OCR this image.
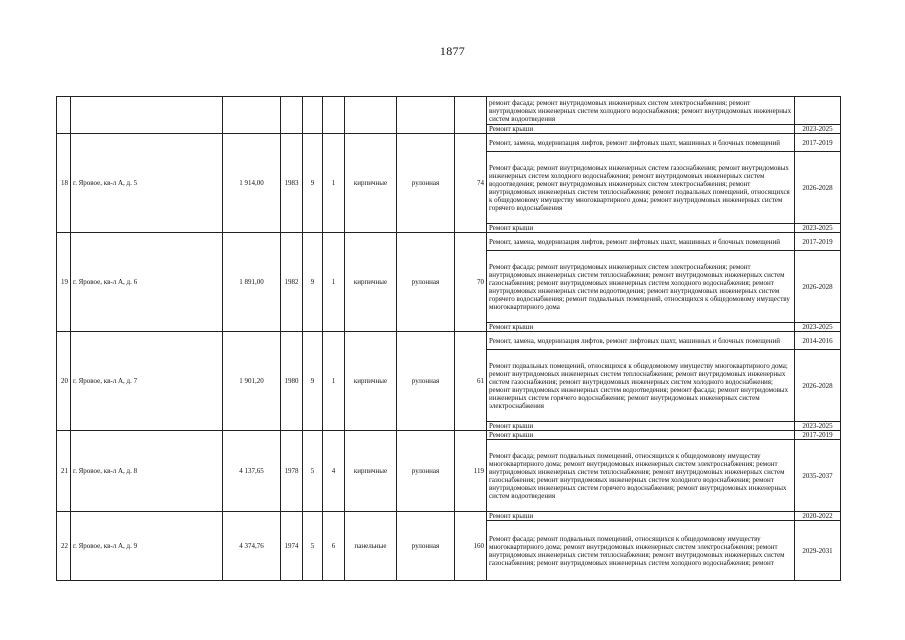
1877
									ремонт фасада; ремонт внутридомовых инженерных систем электроснабжения; ремонт внутридомовых инженерных систем холодного водоснабжения; ремонт внутридомовых инженерных систем водоотведения	
									Ремонт крыши	2023-2025
18	г. Яровое, кв-л А, д. 5	1 914,00	1983	9	1	кирпичные	рулонная	74	Ремонт, замена, модернизация лифтов, ремонт лифтовых шахт, машинных и блочных помещений	2017-2019
									Ремонт фасада; ремонт внутридомовых инженерных систем газоснабжения; ремонт внутридомовых инженерных систем холодного водоснабжения; ремонт внутридомовых инженерных систем водоотведения; ремонт внутридомовых инженерных систем электроснабжения; ремонт внутридомовых инженерных систем теплоснабжения; ремонт подвальных помещений, относящихся к общедомовому имуществу многоквартирного дома; ремонт внутридомовых инженерных систем горячего водоснабжения	2026-2028
									Ремонт крыши	2023-2025
19	г. Яровое, кв-л А, д. 6	1 891,00	1982	9	1	кирпичные	рулонная	70	Ремонт, замена, модернизация лифтов, ремонт лифтовых шахт, машинных и блочных помещений	2017-2019
									Ремонт фасада; ремонт внутридомовых инженерных систем электроснабжения; ремонт внутридомовых инженерных систем теплоснабжения; ремонт внутридомовых инженерных систем газоснабжения; ремонт внутридомовых инженерных систем холодного водоснабжения; ремонт внутридомовых инженерных систем водоотведения; ремонт внутридомовых инженерных систем горячего водоснабжения; ремонт подвальных помещений, относящихся к общедомовому имуществу многоквартирного дома	2026-2028
									Ремонт крыши	2023-2025
20	г. Яровое, кв-л А, д. 7	1 901,20	1980	9	1	кирпичные	рулонная	61	Ремонт, замена, модернизация лифтов, ремонт лифтовых шахт, машинных и блочных помещений	2014-2016
									Ремонт подвальных помещений, относящихся к общедомовому имуществу многоквартирного дома; ремонт внутридомовых инженерных систем теплоснабжения; ремонт внутридомовых инженерных систем газоснабжения; ремонт внутридомовых инженерных систем холодного водоснабжения; ремонт внутридомовых инженерных систем водоотведения; ремонт фасада; ремонт внутридомовых инженерных систем горячего водоснабжения; ремонт внутридомовых инженерных систем электроснабжения	2026-2028
									Ремонт крыши	2023-2025
21	г. Яровое, кв-л А, д. 8	4 137,65	1978	5	4	кирпичные	рулонная	119	Ремонт крыши	2017-2019
									Ремонт фасада; ремонт подвальных помещений, относящихся к общедомовому имуществу многоквартирного дома; ремонт внутридомовых инженерных систем электроснабжения; ремонт внутридомовых инженерных систем теплоснабжения; ремонт внутридомовых инженерных систем газоснабжения; ремонт внутридомовых инженерных систем холодного водоснабжения; ремонт внутридомовых инженерных систем горячего водоснабжения; ремонт внутридомовых инженерных систем водоотведения	2035-2037
22	г. Яровое, кв-л А, д. 9	4 374,76	1974	5	6	панельные	рулонная	160	Ремонт крыши	2020-2022
									Ремонт фасада; ремонт подвальных помещений, относящихся к общедомовому имуществу многоквартирного дома; ремонт внутридомовых инженерных систем электроснабжения; ремонт внутридомовых инженерных систем теплоснабжения; ремонт внутридомовых инженерных систем газоснабжения; ремонт внутридомовых инженерных систем холодного водоснабжения; ремонт	2029-2031
